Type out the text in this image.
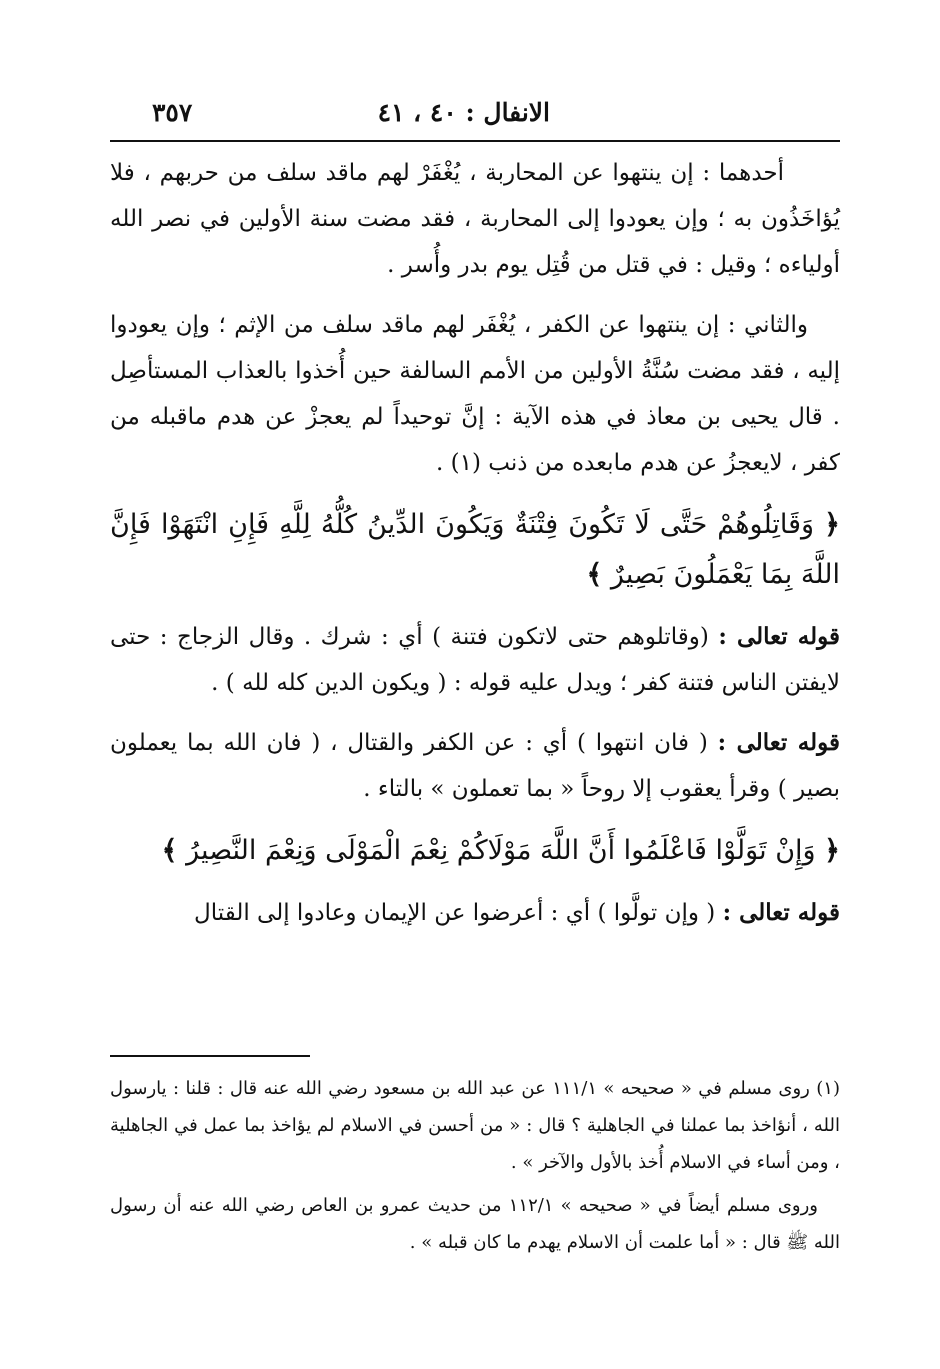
الانفال : ٤٠ ، ٤١
٣٥٧

أحدهما : إن ينتهوا عن المحاربة ، يُغْفَرْ لهم ماقد سلف من حربهم ، فلا يُؤاخَذُون به ؛ وإن يعودوا إلى المحاربة ، فقد مضت سنة الأولين في نصر الله أولياءه ؛ وقيل : في قتل من قُتِل يوم بدر وأُسر .

والثاني : إن ينتهوا عن الكفر ، يُغْفَر لهم ماقد سلف من الإثم ؛ وإن يعودوا إليه ، فقد مضت سُنَّةُ الأولين من الأمم السالفة حين أُخذوا بالعذاب المستأصِل . قال يحيى بن معاذ في هذه الآية : إنَّ توحيداً لم يعجزْ عن هدم ماقبله من كفر ، لايعجزُ عن هدم مابعده من ذنب (١) .

﴿ وَقَاتِلُوهُمْ حَتَّى لَا تَكُونَ فِتْنَةٌ وَيَكُونَ الدِّينُ كُلُّهُ لِلَّهِ فَإِنِ انْتَهَوْا فَإِنَّ اللَّهَ بِمَا يَعْمَلُونَ بَصِيرٌ ﴾

قوله تعالى : (وقاتلوهم حتى لاتكون فتنة ) أي : شرك . وقال الزجاج : حتى لايفتن الناس فتنة كفر ؛ ويدل عليه قوله : ( ويكون الدين كله لله ) .

قوله تعالى : ( فان انتهوا ) أي : عن الكفر والقتال ، ( فان الله بما يعملون بصير ) وقرأ يعقوب إلا روحاً « بما تعملون » بالتاء .

﴿ وَإِنْ تَوَلَّوْا فَاعْلَمُوا أَنَّ اللَّهَ مَوْلَاكُمْ نِعْمَ الْمَوْلَى وَنِعْمَ النَّصِيرُ ﴾

قوله تعالى : ( وإن تولَّوا ) أي : أعرضوا عن الإيمان وعادوا إلى القتال

(١) روى مسلم في « صحيحه » ١١١/١ عن عبد الله بن مسعود رضي الله عنه قال : قلنا : يارسول الله ، أنؤاخذ بما عملنا في الجاهلية ؟ قال : « من أحسن في الاسلام لم يؤاخذ بما عمل في الجاهلية ، ومن أساء في الاسلام أُخذ بالأول والآخر » .

وروى مسلم أيضاً في « صحيحه » ١١٢/١ من حديث عمرو بن العاص رضي الله عنه أن رسول الله ﷺ قال : « أما علمت أن الاسلام يهدم ما كان قبله » .
